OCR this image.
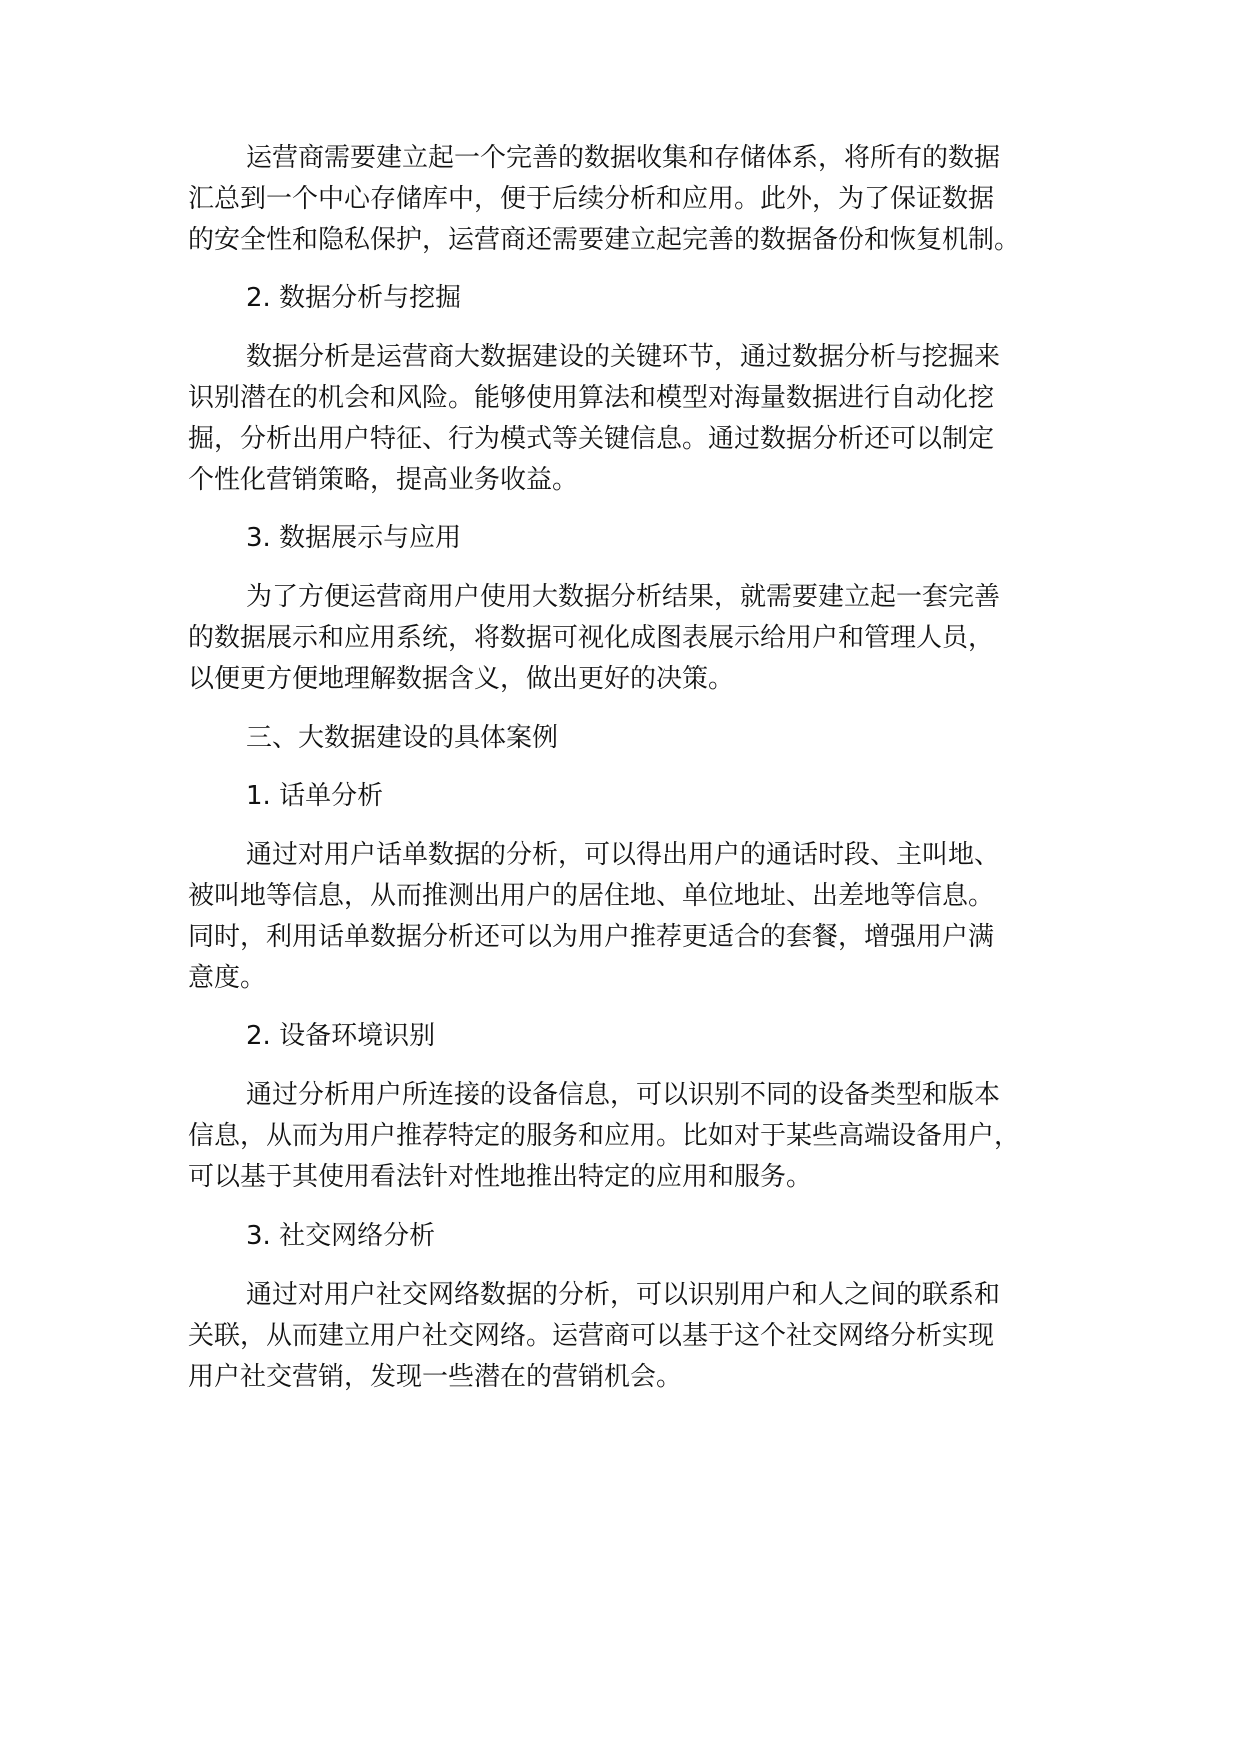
运营商需要建立起一个完善的数据收集和存储体系，将所有的数据

汇总到一个中心存储库中，便于后续分析和应用。此外，为了保证数据

的安全性和隐私保护，运营商还需要建立起完善的数据备份和恢复机制。

2. 数据分析与挖掘

数据分析是运营商大数据建设的关键环节，通过数据分析与挖掘来

识别潜在的机会和风险。能够使用算法和模型对海量数据进行自动化挖

掘，分析出用户特征、行为模式等关键信息。通过数据分析还可以制定

个性化营销策略，提高业务收益。

3. 数据展示与应用

为了方便运营商用户使用大数据分析结果，就需要建立起一套完善

的数据展示和应用系统，将数据可视化成图表展示给用户和管理人员，

以便更方便地理解数据含义，做出更好的决策。

三、大数据建设的具体案例

1. 话单分析

通过对用户话单数据的分析，可以得出用户的通话时段、主叫地、

被叫地等信息，从而推测出用户的居住地、单位地址、出差地等信息。

同时，利用话单数据分析还可以为用户推荐更适合的套餐，增强用户满

意度。

2. 设备环境识别

通过分析用户所连接的设备信息，可以识别不同的设备类型和版本

信息，从而为用户推荐特定的服务和应用。比如对于某些高端设备用户，

可以基于其使用看法针对性地推出特定的应用和服务。

3. 社交网络分析

通过对用户社交网络数据的分析，可以识别用户和人之间的联系和

关联，从而建立用户社交网络。运营商可以基于这个社交网络分析实现

用户社交营销，发现一些潜在的营销机会。
